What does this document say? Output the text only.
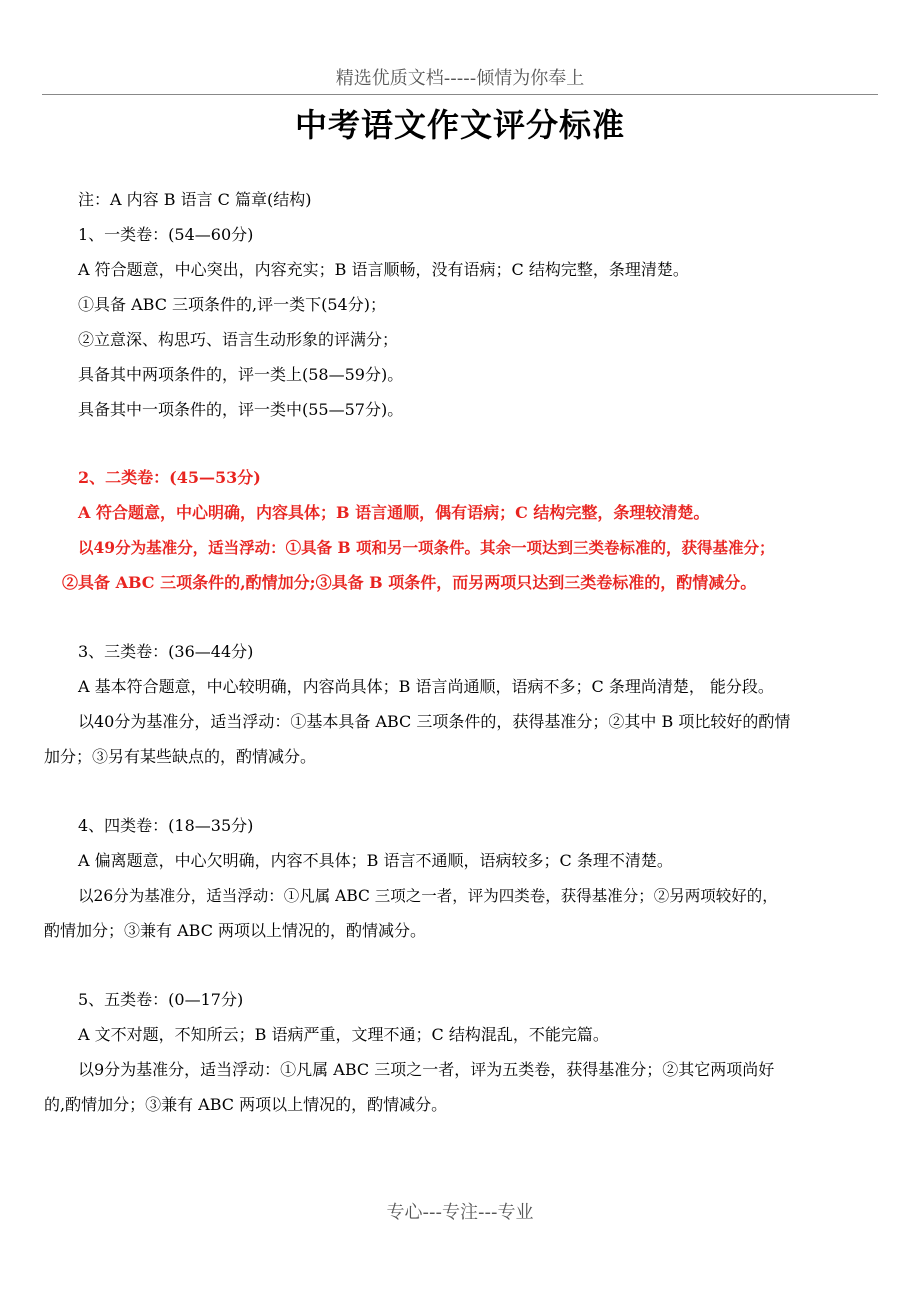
精选优质文档-----倾情为你奉上
中考语文作文评分标准
注：A 内容 B 语言 C 篇章(结构)
1、一类卷：(54—60分)
A 符合题意，中心突出，内容充实；B 语言顺畅，没有语病；C 结构完整，条理清楚。
①具备 ABC 三项条件的,评一类下(54分)；
②立意深、构思巧、语言生动形象的评满分；
具备其中两项条件的，评一类上(58—59分)。
具备其中一项条件的，评一类中(55—57分)。
2、二类卷：(45—53分)
A 符合题意，中心明确，内容具体；B 语言通顺，偶有语病；C 结构完整，条理较清楚。
以49分为基准分，适当浮动：①具备 B 项和另一项条件。其余一项达到三类卷标准的，获得基准分；
②具备 ABC 三项条件的,酌情加分;③具备 B 项条件，而另两项只达到三类卷标准的，酌情减分。
3、三类卷：(36—44分)
A 基本符合题意，中心较明确，内容尚具体；B 语言尚通顺，语病不多；C 条理尚清楚， 能分段。
以40分为基准分，适当浮动：①基本具备 ABC 三项条件的，获得基准分；②其中 B 项比较好的酌情
加分；③另有某些缺点的，酌情减分。
4、四类卷：(18—35分)
A 偏离题意，中心欠明确，内容不具体；B 语言不通顺，语病较多；C 条理不清楚。
以26分为基准分，适当浮动：①凡属 ABC 三项之一者，评为四类卷，获得基准分；②另两项较好的，
酌情加分；③兼有 ABC 两项以上情况的，酌情减分。
5、五类卷：(0—17分)
A 文不对题，不知所云；B 语病严重，文理不通；C 结构混乱，不能完篇。
以9分为基准分，适当浮动：①凡属 ABC 三项之一者，评为五类卷，获得基准分；②其它两项尚好
的,酌情加分；③兼有 ABC 两项以上情况的，酌情减分。
专心---专注---专业
